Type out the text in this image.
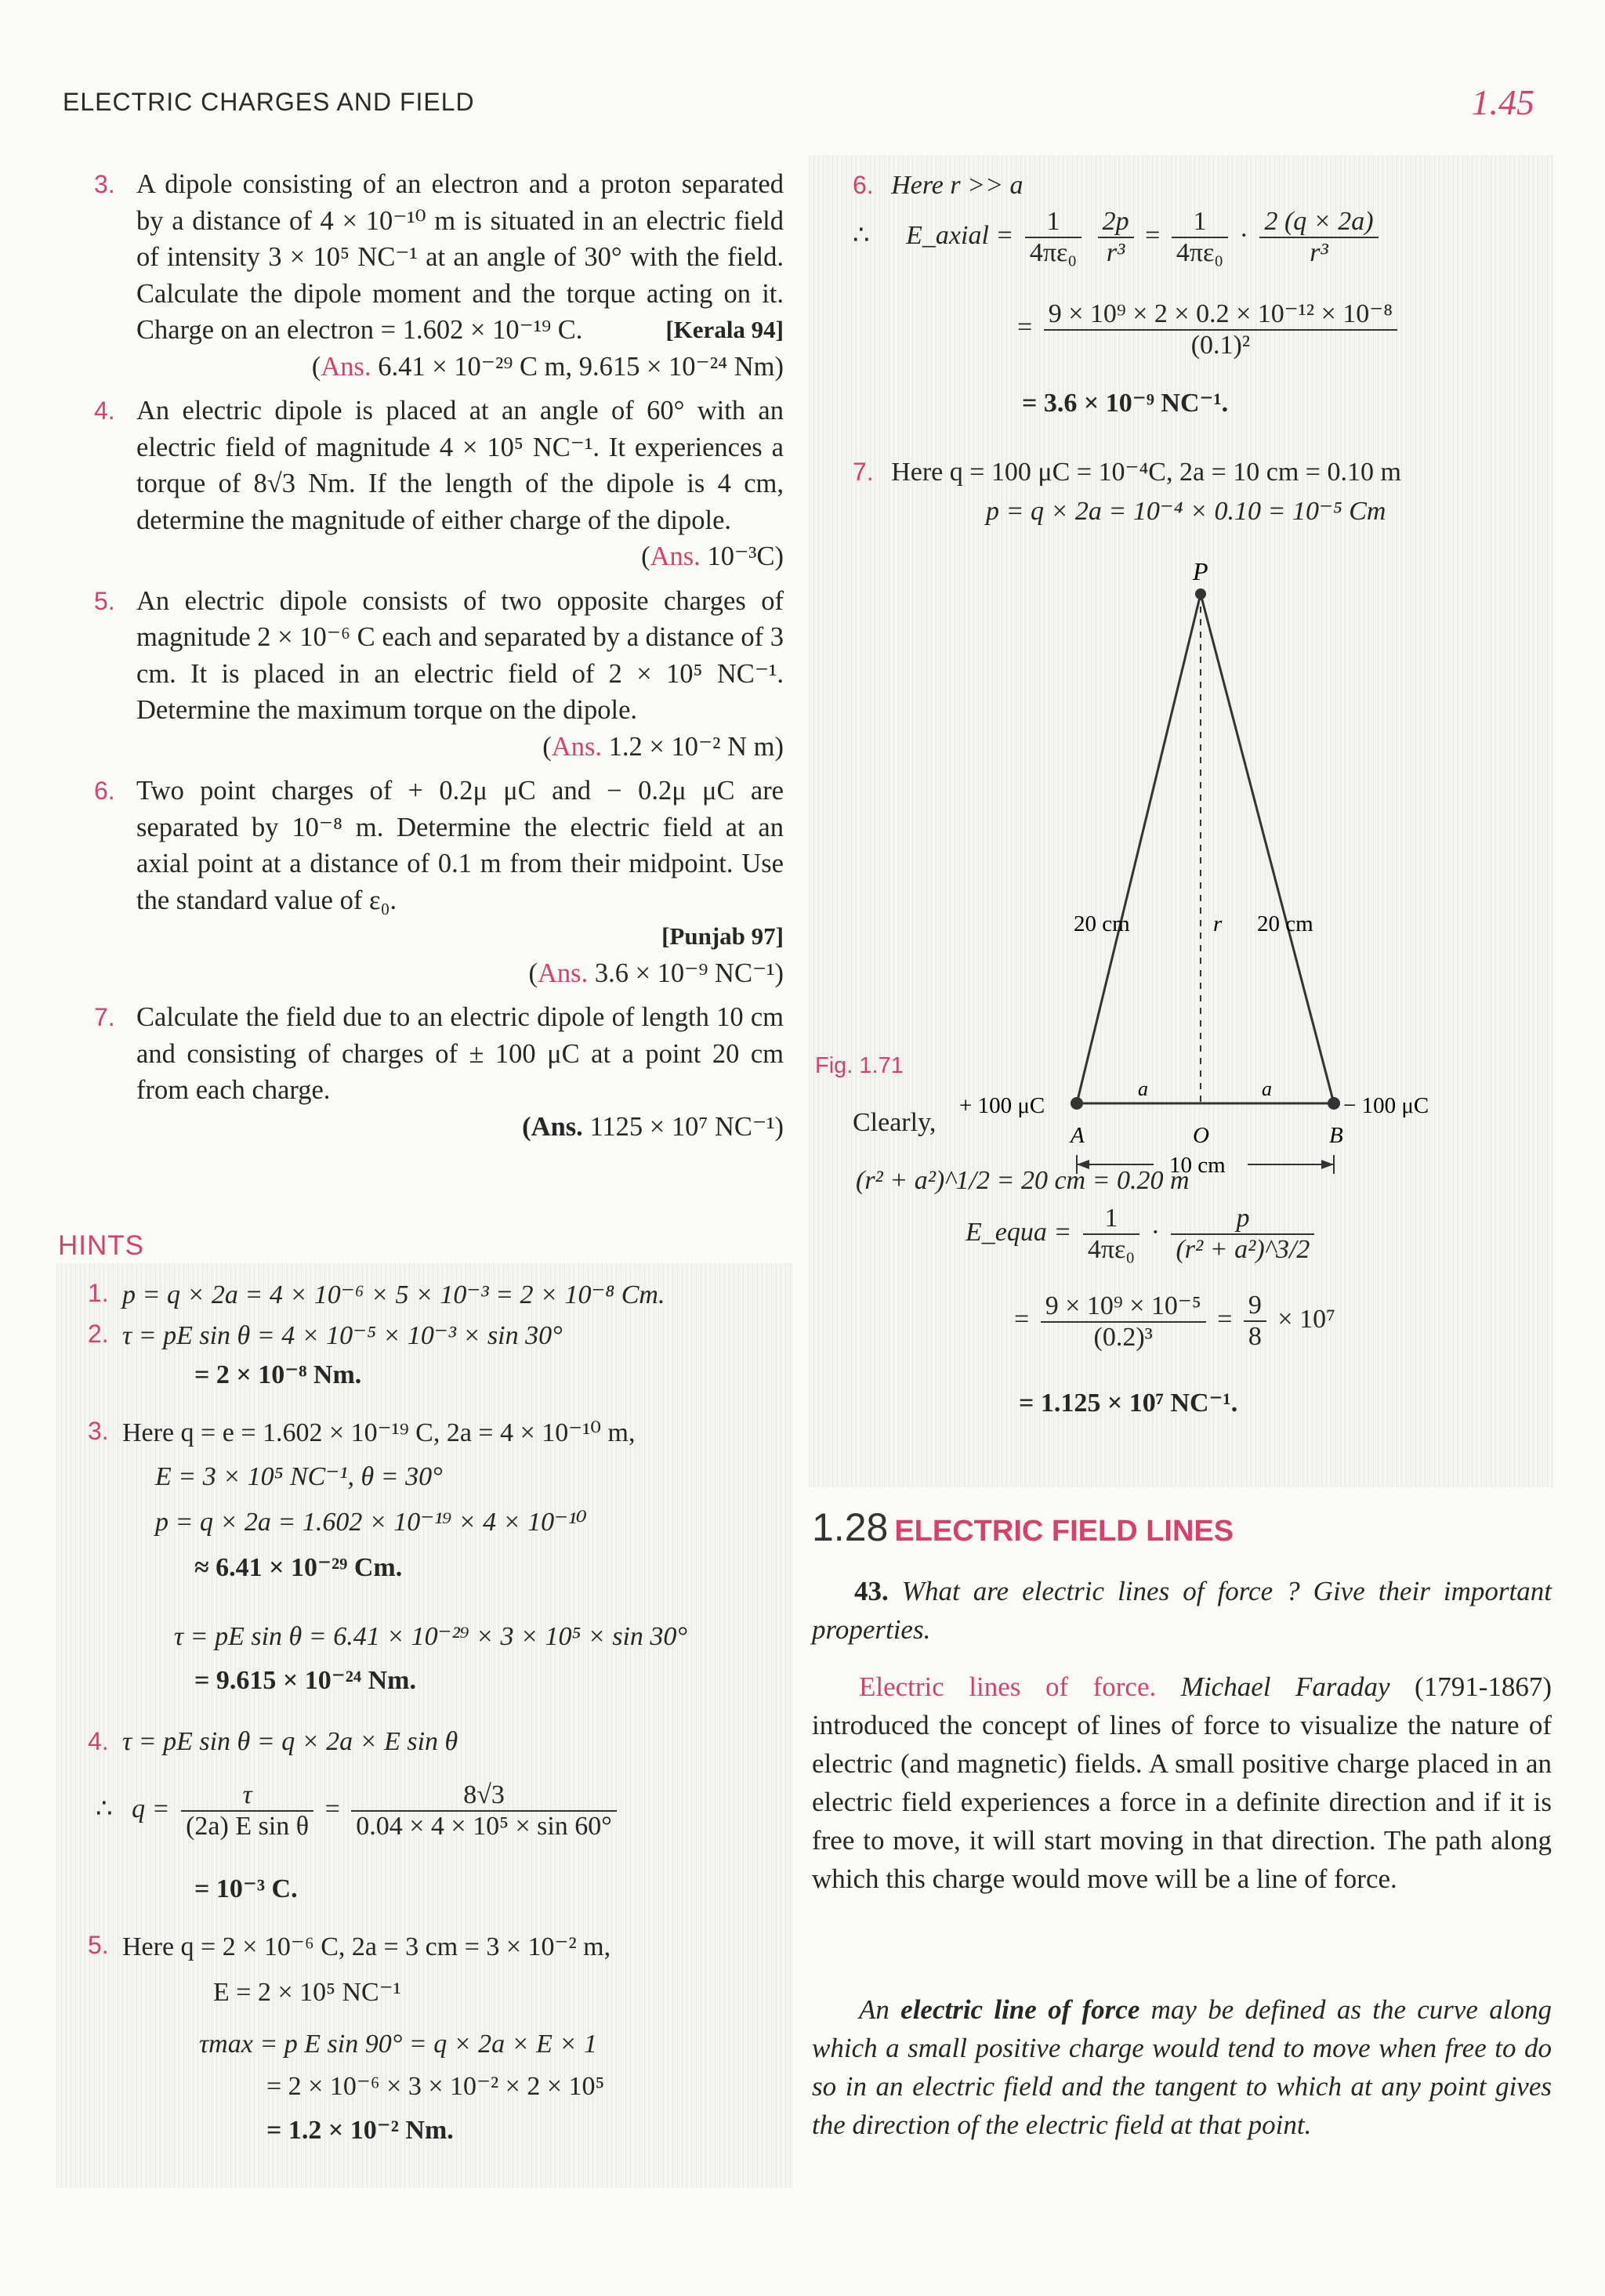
ELECTRIC CHARGES AND FIELD	1.45
3. A dipole consisting of an electron and a proton separated by a distance of 4 × 10⁻¹⁰ m is situated in an electric field of intensity 3 × 10⁵ NC⁻¹ at an angle of 30° with the field. Calculate the dipole moment and the torque acting on it. Charge on an electron = 1.602 × 10⁻¹⁹ C.	[Kerala 94]
(Ans. 6.41 × 10⁻²⁹ C m, 9.615 × 10⁻²⁴ Nm)
4. An electric dipole is placed at an angle of 60° with an electric field of magnitude 4 × 10⁵ NC⁻¹. It experiences a torque of 8√3 Nm. If the length of the dipole is 4 cm, determine the magnitude of either charge of the dipole.
(Ans. 10⁻³C)
5. An electric dipole consists of two opposite charges of magnitude 2 × 10⁻⁶ C each and separated by a distance of 3 cm. It is placed in an electric field of 2 × 10⁵ NC⁻¹. Determine the maximum torque on the dipole.
(Ans. 1.2 × 10⁻² N m)
6. Two point charges of + 0.2μ μC and − 0.2μ μC are separated by 10⁻⁸ m. Determine the electric field at an axial point at a distance of 0.1 m from their midpoint. Use the standard value of ε₀.
[Punjab 97]
(Ans. 3.6 × 10⁻⁹ NC⁻¹)
7. Calculate the field due to an electric dipole of length 10 cm and consisting of charges of ± 100 μC at a point 20 cm from each charge.
(Ans. 1125 × 10⁷ NC⁻¹)
HINTS
1. p = q × 2a = 4 × 10⁻⁶ × 5 × 10⁻³ = 2 × 10⁻⁸ Cm.
2. τ = pE sin θ = 4 × 10⁻⁵ × 10⁻³ × sin 30°
= 2 × 10⁻⁸ Nm.
3. Here q = e = 1.602 × 10⁻¹⁹ C, 2a = 4 × 10⁻¹⁰ m,
E = 3 × 10⁵ NC⁻¹, θ = 30°
p = q × 2a = 1.602 × 10⁻¹⁹ × 4 × 10⁻¹⁰
≈ 6.41 × 10⁻²⁹ Cm.
τ = pE sin θ = 6.41 × 10⁻²⁹ × 3 × 10⁵ × sin 30°
= 9.615 × 10⁻²⁴ Nm.
4. τ = pE sin θ = q × 2a × E sin θ
∴ $q = \frac{\tau}{\text{(2a) E sin θ}} = \frac{8√3}{\text{0.04 × 4 × 10⁵ × sin 60°}}$
= 10⁻³ C.
5. Here q = 2 × 10⁻⁶ C, 2a = 3 cm = 3 × 10⁻² m,
E = 2 × 10⁵ NC⁻¹
τmax = p E sin 90° = q × 2a × E × 1
= 2 × 10⁻⁶ × 3 × 10⁻² × 2 × 10⁵
= 1.2 × 10⁻² Nm.
6. Here r >> a
∴ E_axial = $\frac{1}{\text{4πε₀}}$
$\frac{2p}{\text{r³}} = \frac{1}{\text{4πε₀}} \cdot \frac{2 (q \times 2a)}{\text{r³}}$
= $\frac{\text{9 × 10⁹ × 2 × 0.2 × 10⁻¹² × 10⁻⁸}}{\text{(0.1)²}}$
= 3.6 × 10⁻⁹ NC⁻¹.
7. Here q = 100 μC = 10⁻⁴C, 2a = 10 cm = 0.10 m
p = q × 2a = 10⁻⁴ × 0.10 = 10⁻⁵ Cm
P
20 cm	20 cm
r
a	a
+ 100 μC	− 100 μC
A	O	B
10 cm
Clearly,
(r² + a²)^1/2 = 20 cm = 0.20 m
E_equa = $\frac{1}{\text{4πε₀}} \cdot \frac{p}{\text{(r² + a²)\textasciicircum{}3/2}}$
= $\frac{\text{9 × 10⁹ × 10⁻⁵}}{\text{(0.2)³}} = \frac{9}{8} \times 10^7$
= 1.125 × 10⁷ NC⁻¹.
Fig. 1.71
1.28 ELECTRIC FIELD LINES
43. What are electric lines of force ? Give their important properties.
Electric lines of force. Michael Faraday (1791-1867) introduced the concept of lines of force to visualize the nature of electric (and magnetic) fields. A small positive charge placed in an electric field experiences a force in a definite direction and if it is free to move, it will start moving in that direction. The path along which this charge would move will be a line of force.
An electric line of force may be defined as the curve along which a small positive charge would tend to move when free to do so in an electric field and the tangent to which at any point gives the direction of the electric field at that point.
